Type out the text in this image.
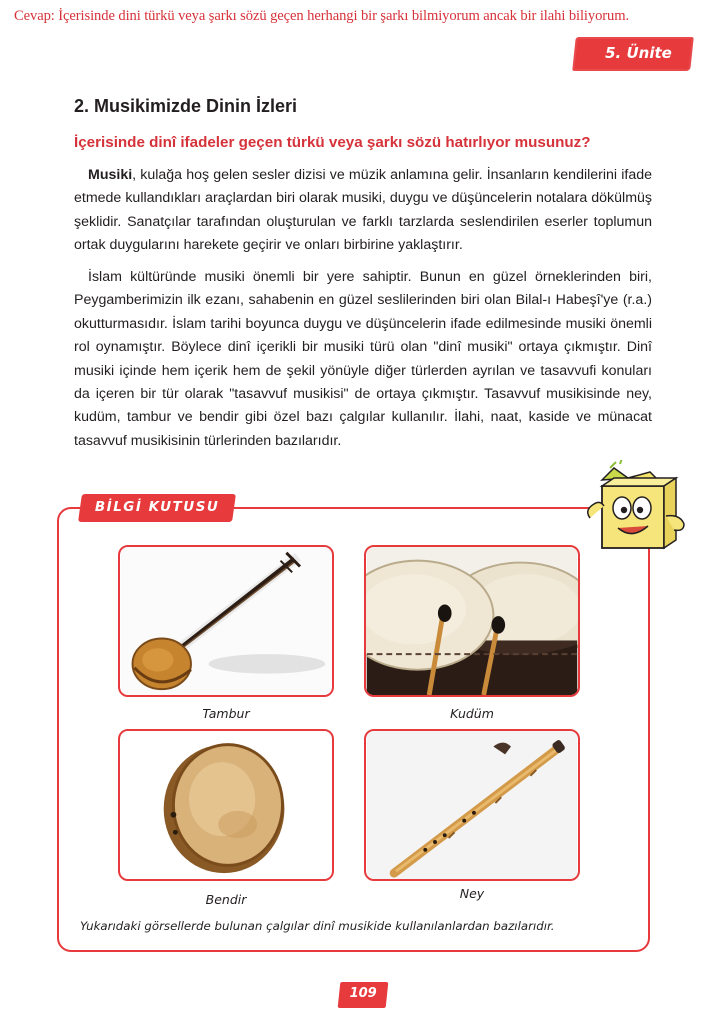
Cevap: İçerisinde dini türkü veya şarkı sözü geçen herhangi bir şarkı bilmiyorum ancak bir ilahi biliyorum.
5. Ünite
2. Musikimizde Dinin İzleri
İçerisinde dinî ifadeler geçen türkü veya şarkı sözü hatırlıyor musunuz?

Musiki, kulağa hoş gelen sesler dizisi ve müzik anlamına gelir. İnsanların kendilerini ifade etmede kullandıkları araçlardan biri olarak musiki, duygu ve düşüncelerin notalara dökülmüş şeklidir. Sanatçılar tarafından oluşturulan ve farklı tarzlarda seslendirilen eserler toplumun ortak duygularını harekete geçirir ve onları birbirine yaklaştırır.

İslam kültüründe musiki önemli bir yere sahiptir. Bunun en güzel örneklerinden biri, Peygamberimizin ilk ezanı, sahabenin en güzel seslilerinden biri olan Bilal-ı Habeşî'ye (r.a.) okutturmasıdır. İslam tarihi boyunca duygu ve düşüncelerin ifade edilmesinde musiki önemli rol oynamıştır. Böylece dinî içerikli bir musiki türü olan "dinî musiki" ortaya çıkmıştır. Dinî musiki içinde hem içerik hem de şekil yönüyle diğer türlerden ayrılan ve tasavvufi konuları da içeren bir tür olarak "tasavvuf musikisi" de ortaya çıkmıştır. Tasavvuf musikisinde ney, kudüm, tambur ve bendir gibi özel bazı çalgılar kullanılır. İlahi, naat, kaside ve münacat tasavvuf musikisinin türlerinden bazılarıdır.

BİLGİ KUTUSU
Tambur	Kudüm
Bendir	Ney
Yukarıdaki görsellerde bulunan çalgılar dinî musikide kullanılanlardan bazılarıdır.
109
